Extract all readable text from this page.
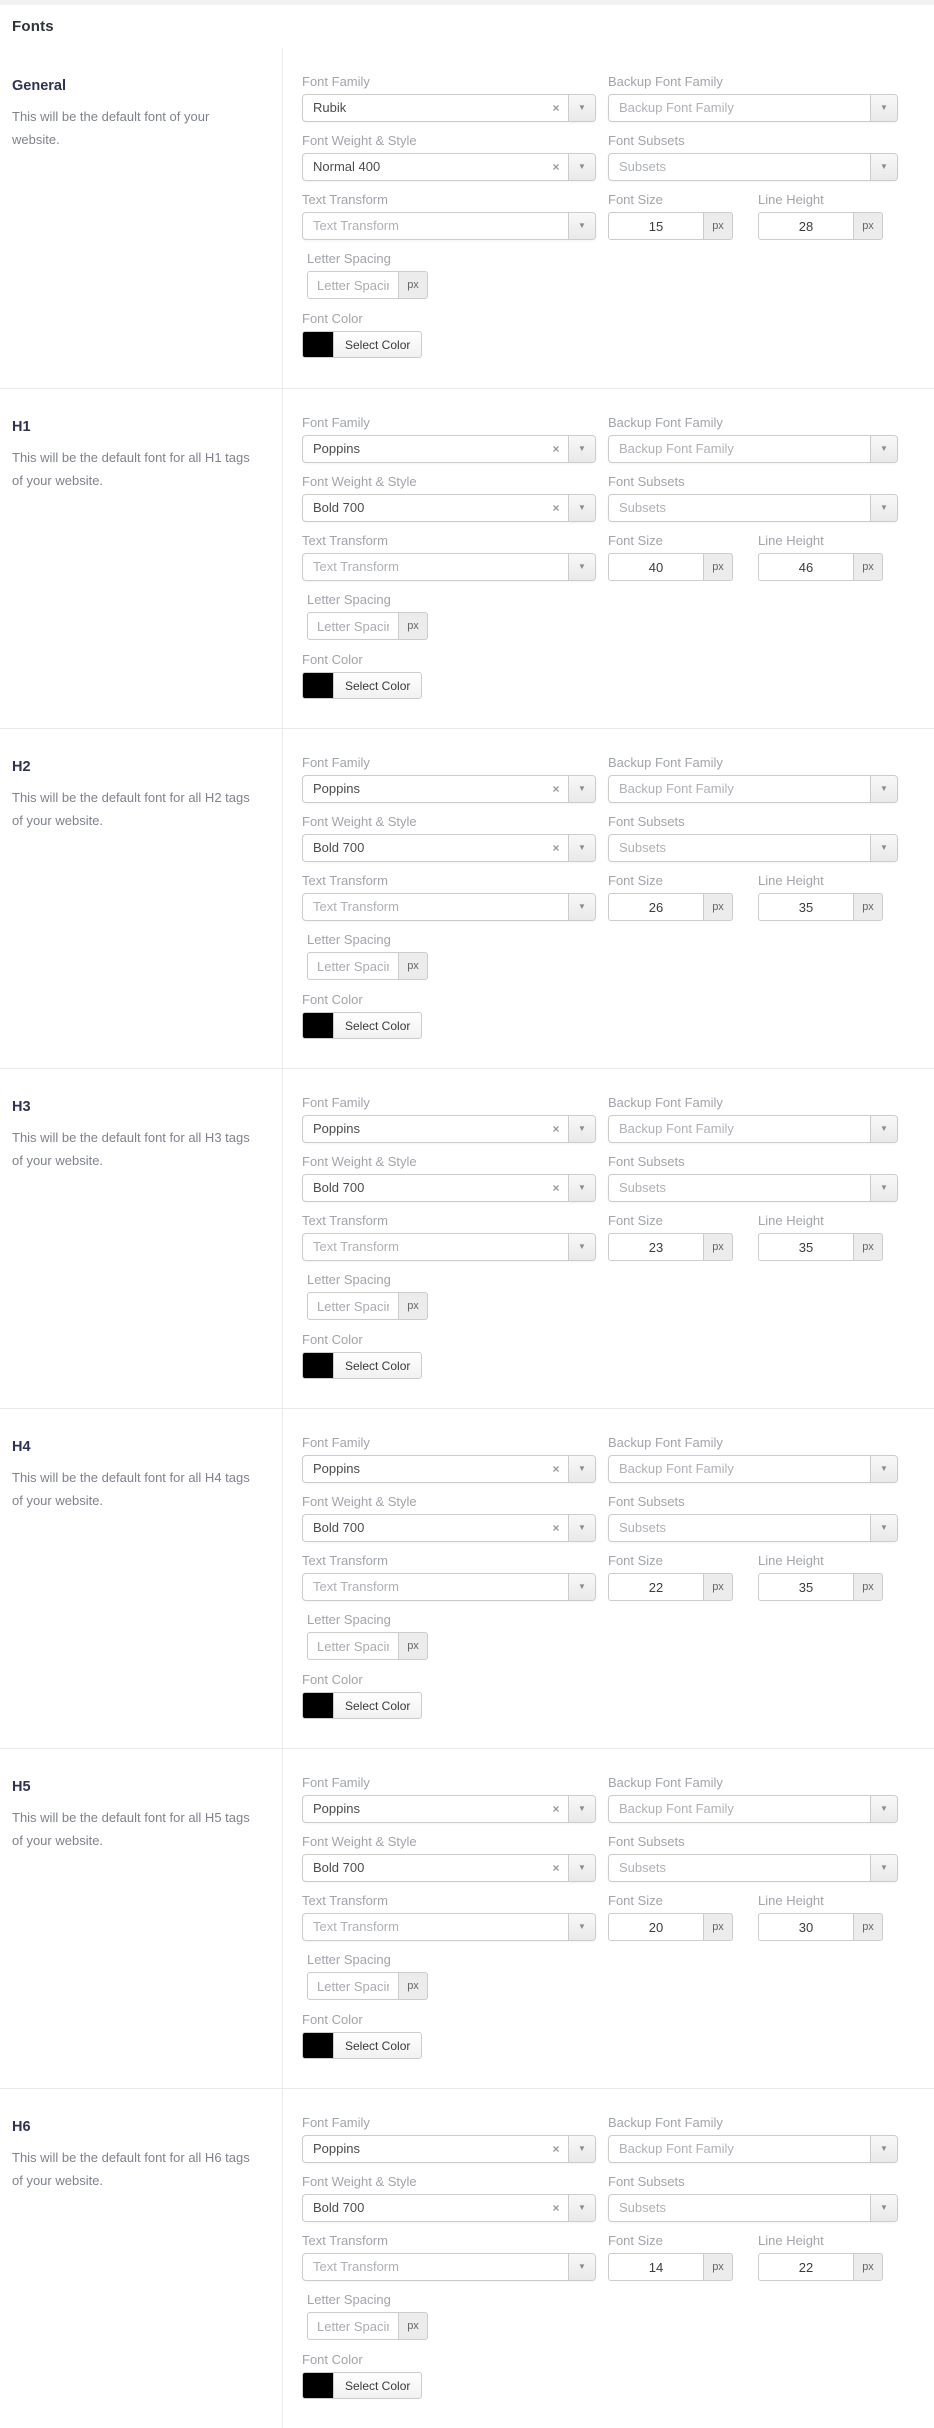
Fonts
General

This will be the default font of your website.

Font Family
Rubik	×	▼
Backup Font Family
Backup Font Family	▼
Font Weight & Style
Normal 400	×	▼
Font Subsets
Subsets	▼
Text Transform
Text Transform	▼
Font Size
15
px
Line Height
28
px
Letter Spacing
Letter Spacing
px
Font Color
Select Color
H1

This will be the default font for all H1 tags of your website.

Font Family
Poppins	×	▼
Backup Font Family
Backup Font Family	▼
Font Weight & Style
Bold 700	×	▼
Font Subsets
Subsets	▼
Text Transform
Text Transform	▼
Font Size
40
px
Line Height
46
px
Letter Spacing
Letter Spacing
px
Font Color
Select Color
H2

This will be the default font for all H2 tags of your website.

Font Family
Poppins	×	▼
Backup Font Family
Backup Font Family	▼
Font Weight & Style
Bold 700	×	▼
Font Subsets
Subsets	▼
Text Transform
Text Transform	▼
Font Size
26
px
Line Height
35
px
Letter Spacing
Letter Spacing
px
Font Color
Select Color
H3

This will be the default font for all H3 tags of your website.

Font Family
Poppins	×	▼
Backup Font Family
Backup Font Family	▼
Font Weight & Style
Bold 700	×	▼
Font Subsets
Subsets	▼
Text Transform
Text Transform	▼
Font Size
23
px
Line Height
35
px
Letter Spacing
Letter Spacing
px
Font Color
Select Color
H4

This will be the default font for all H4 tags of your website.

Font Family
Poppins	×	▼
Backup Font Family
Backup Font Family	▼
Font Weight & Style
Bold 700	×	▼
Font Subsets
Subsets	▼
Text Transform
Text Transform	▼
Font Size
22
px
Line Height
35
px
Letter Spacing
Letter Spacing
px
Font Color
Select Color
H5

This will be the default font for all H5 tags of your website.

Font Family
Poppins	×	▼
Backup Font Family
Backup Font Family	▼
Font Weight & Style
Bold 700	×	▼
Font Subsets
Subsets	▼
Text Transform
Text Transform	▼
Font Size
20
px
Line Height
30
px
Letter Spacing
Letter Spacing
px
Font Color
Select Color
H6

This will be the default font for all H6 tags of your website.

Font Family
Poppins	×	▼
Backup Font Family
Backup Font Family	▼
Font Weight & Style
Bold 700	×	▼
Font Subsets
Subsets	▼
Text Transform
Text Transform	▼
Font Size
14
px
Line Height
22
px
Letter Spacing
Letter Spacing
px
Font Color
Select Color
